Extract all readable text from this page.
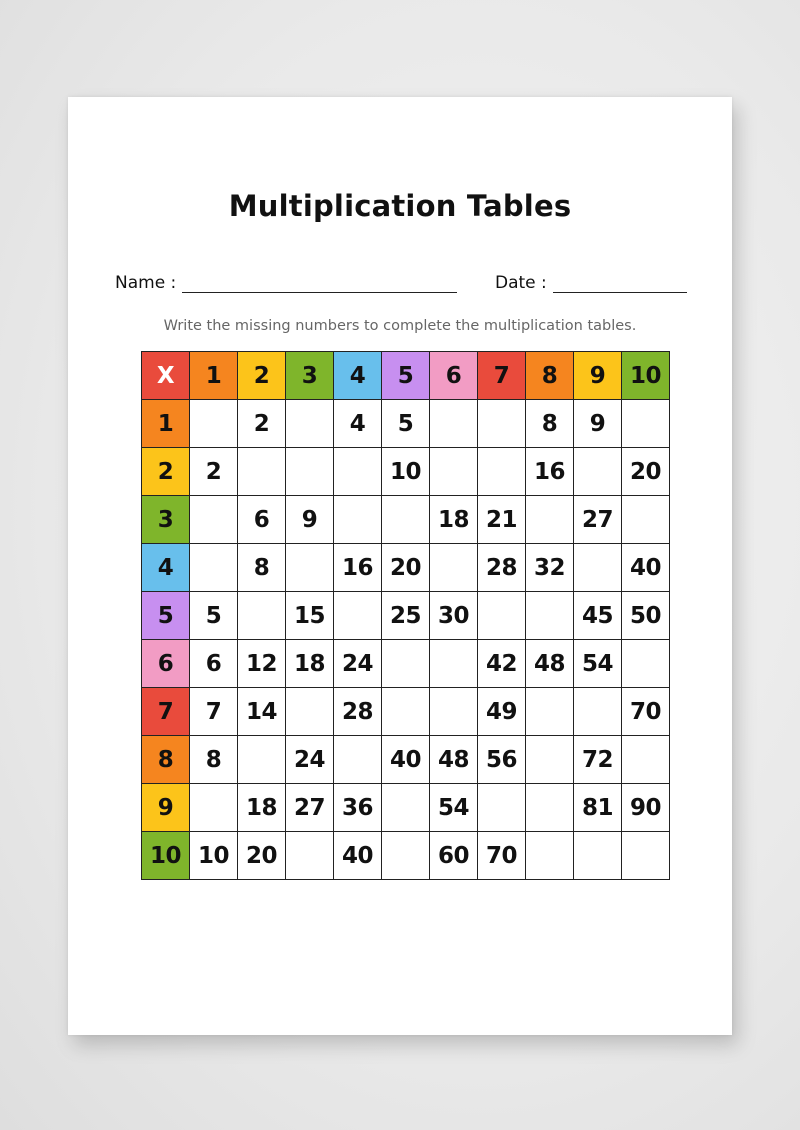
Multiplication Tables
Name :	Date :
Write the missing numbers to complete the multiplication tables.
X	1	2	3	4	5	6	7	8	9	10
1		2		4	5			8	9	
2	2				10			16		20
3		6	9			18	21		27	
4		8		16	20		28	32		40
5	5		15		25	30			45	50
6	6	12	18	24			42	48	54	
7	7	14		28			49			70
8	8		24		40	48	56		72	
9		18	27	36		54			81	90
10	10	20		40		60	70			
